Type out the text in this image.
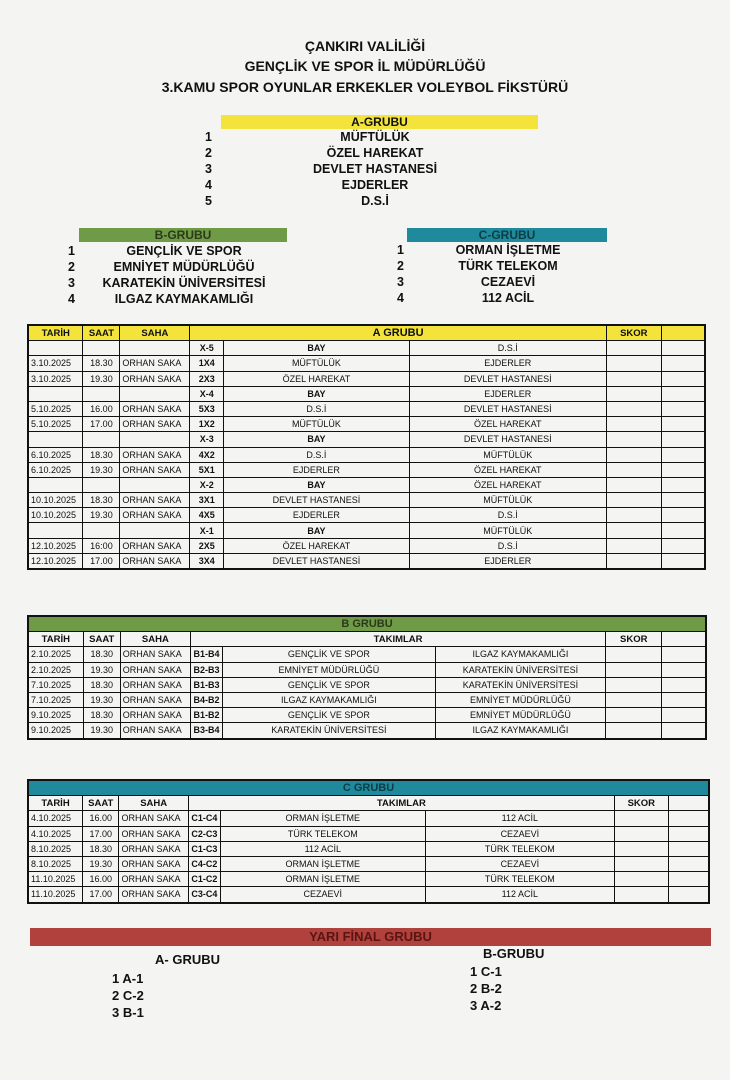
ÇANKIRI VALİLİĞİ
GENÇLİK VE SPOR İL MÜDÜRLÜĞÜ
3.KAMU SPOR OYUNLAR ERKEKLER VOLEYBOL FİKSTÜRÜ
A-GRUBU
1	MÜFTÜLÜK
2	ÖZEL HAREKAT
3	DEVLET HASTANESİ
4	EJDERLER
5	D.S.İ
B-GRUBU
1	GENÇLİK VE SPOR
2	EMNİYET MÜDÜRLÜĞÜ
3	KARATEKİN ÜNİVERSİTESİ
4	ILGAZ KAYMAKAMLIĞI
C-GRUBU
1	ORMAN İŞLETME
2	TÜRK TELEKOM
3	CEZAEVİ
4	112 ACİL
TARİH	SAAT	SAHA	A GRUBU			SKOR	
			X-5	BAY	D.S.İ		
3.10.2025	18.30	ORHAN SAKA	1X4	MÜFTÜLÜK	EJDERLER		
3.10.2025	19.30	ORHAN SAKA	2X3	ÖZEL HAREKAT	DEVLET HASTANESİ		
			X-4	BAY	EJDERLER		
5.10.2025	16.00	ORHAN SAKA	5X3	D.S.İ	DEVLET HASTANESİ		
5.10.2025	17.00	ORHAN SAKA	1X2	MÜFTÜLÜK	ÖZEL HAREKAT		
			X-3	BAY	DEVLET HASTANESİ		
6.10.2025	18.30	ORHAN SAKA	4X2	D.S.İ	MÜFTÜLÜK		
6.10.2025	19.30	ORHAN SAKA	5X1	EJDERLER	ÖZEL HAREKAT		
			X-2	BAY	ÖZEL HAREKAT		
10.10.2025	18.30	ORHAN SAKA	3X1	DEVLET HASTANESİ	MÜFTÜLÜK		
10.10.2025	19.30	ORHAN SAKA	4X5	EJDERLER	D.S.İ		
			X-1	BAY	MÜFTÜLÜK		
12.10.2025	16:00	ORHAN SAKA	2X5	ÖZEL HAREKAT	D.S.İ		
12.10.2025	17.00	ORHAN SAKA	3X4	DEVLET HASTANESİ	EJDERLER		
B GRUBU							
TARİH	SAAT	SAHA	TAKIMLAR			SKOR	
2.10.2025	18.30	ORHAN SAKA	B1-B4	GENÇLİK VE SPOR	ILGAZ KAYMAKAMLIĞI		
2.10.2025	19.30	ORHAN SAKA	B2-B3	EMNİYET MÜDÜRLÜĞÜ	KARATEKİN ÜNİVERSİTESİ		
7.10.2025	18.30	ORHAN SAKA	B1-B3	GENÇLİK VE SPOR	KARATEKİN ÜNİVERSİTESİ		
7.10.2025	19.30	ORHAN SAKA	B4-B2	ILGAZ KAYMAKAMLIĞI	EMNİYET MÜDÜRLÜĞÜ		
9.10.2025	18.30	ORHAN SAKA	B1-B2	GENÇLİK VE SPOR	EMNİYET MÜDÜRLÜĞÜ		
9.10.2025	19.30	ORHAN SAKA	B3-B4	KARATEKİN ÜNİVERSİTESİ	ILGAZ KAYMAKAMLIĞI		
C GRUBU							
TARİH	SAAT	SAHA	TAKIMLAR			SKOR	
4.10.2025	16.00	ORHAN SAKA	C1-C4	ORMAN İŞLETME	112 ACİL		
4.10.2025	17.00	ORHAN SAKA	C2-C3	TÜRK TELEKOM	CEZAEVİ		
8.10.2025	18.30	ORHAN SAKA	C1-C3	112 ACİL	TÜRK TELEKOM		
8.10.2025	19.30	ORHAN SAKA	C4-C2	ORMAN İŞLETME	CEZAEVİ		
11.10.2025	16.00	ORHAN SAKA	C1-C2	ORMAN İŞLETME	TÜRK TELEKOM		
11.10.2025	17.00	ORHAN SAKA	C3-C4	CEZAEVİ	112 ACİL		
YARI FİNAL GRUBU
A- GRUBU
1 A-1
2 C-2
3 B-1
B-GRUBU
1 C-1
2 B-2
3 A-2
